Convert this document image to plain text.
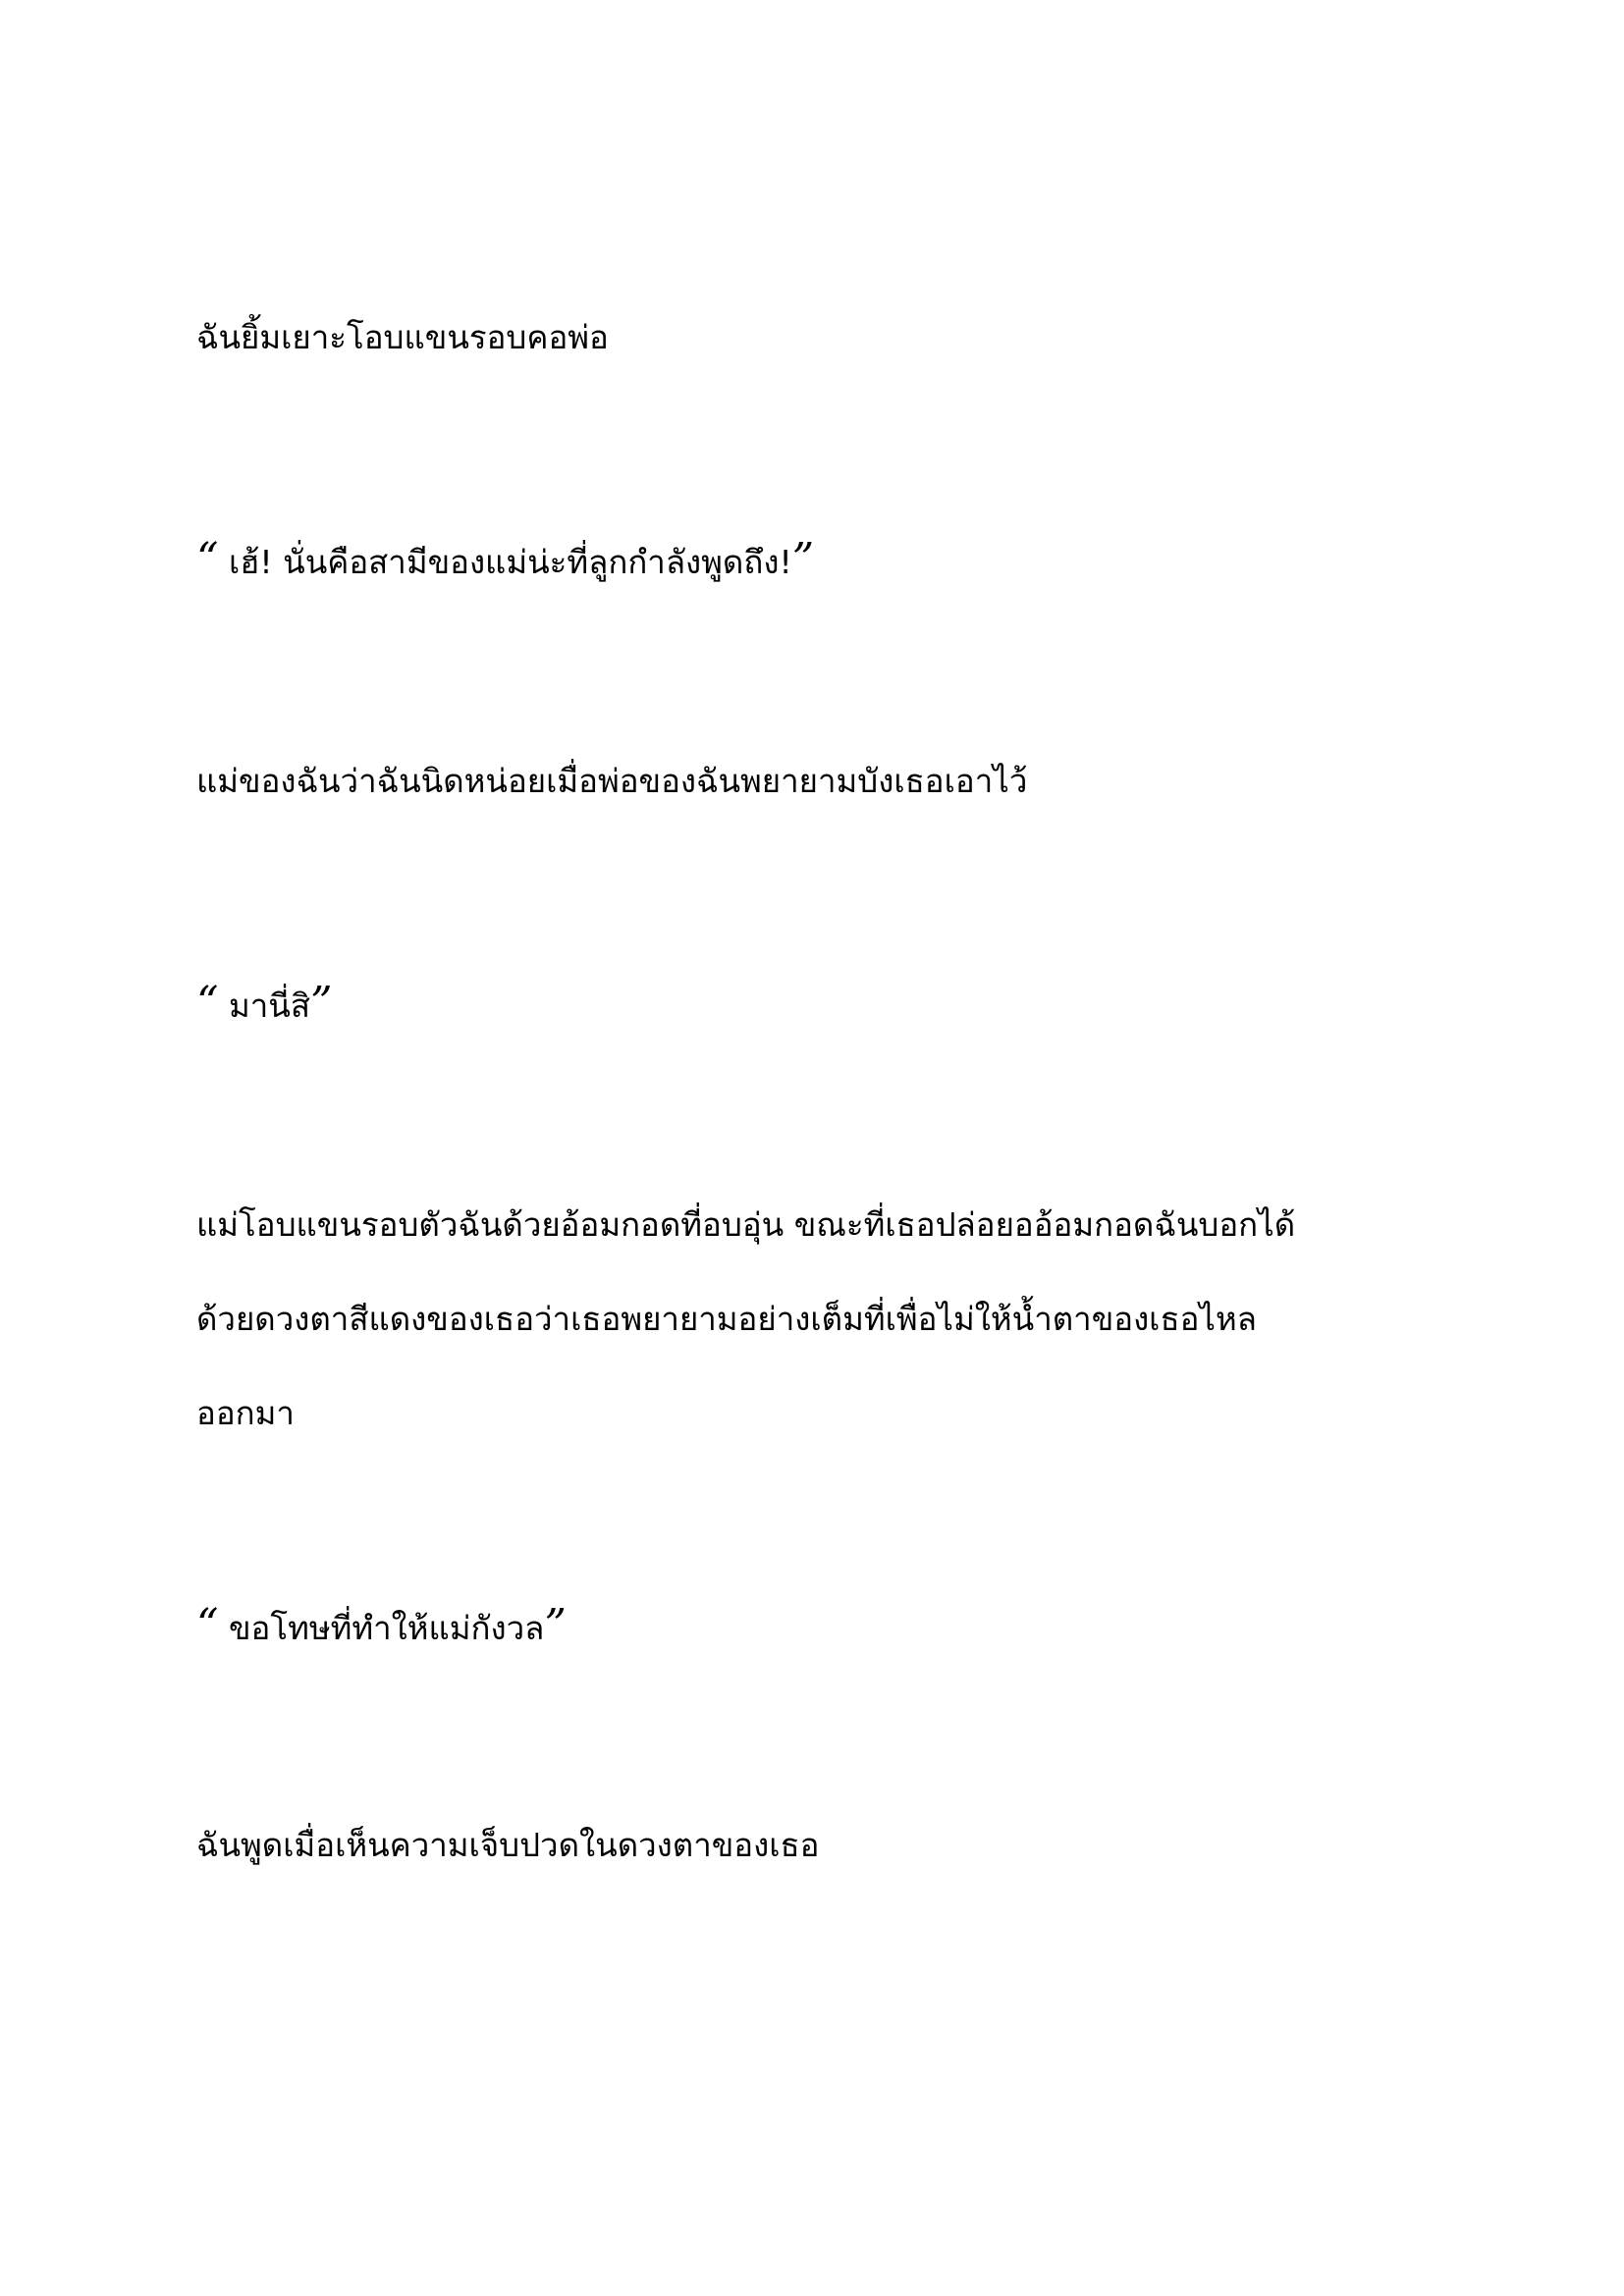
ฉันยิ้มเยาะโอบแขนรอบคอพ่อ

“ เฮ้! นั่นคือสามีของแม่น่ะที่ลูกกำลังพูดถึง!”

แม่ของฉันว่าฉันนิดหน่อยเมื่อพ่อของฉันพยายามบังเธอเอาไว้

“ มานี่สิ”

แม่โอบแขนรอบตัวฉันด้วยอ้อมกอดที่อบอุ่น ขณะที่เธอปล่อยออ้อมกอดฉันบอกได้
ด้วยดวงตาสีแดงของเธอว่าเธอพยายามอย่างเต็มที่เพื่อไม่ให้น้ำตาของเธอไหล
ออกมา

“ ขอโทษที่ทำให้แม่กังวล”

ฉันพูดเมื่อเห็นความเจ็บปวดในดวงตาของเธอ
